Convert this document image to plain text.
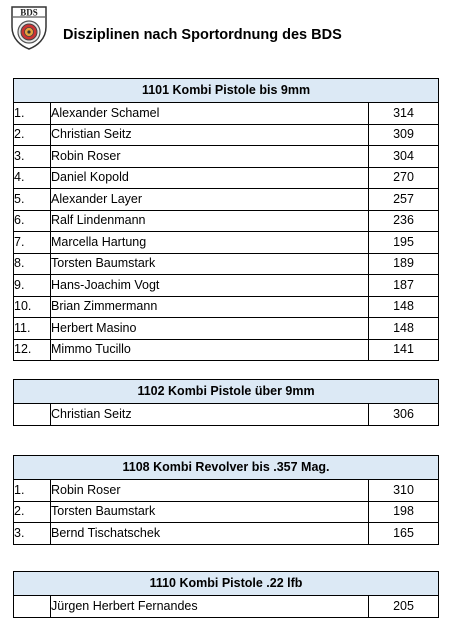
BDS
Disziplinen nach Sportordnung des BDS
1101 Kombi Pistole bis 9mm		
1.	Alexander Schamel	314
2.	Christian Seitz	309
3.	Robin Roser	304
4.	Daniel Kopold	270
5.	Alexander Layer	257
6.	Ralf Lindenmann	236
7.	Marcella Hartung	195
8.	Torsten Baumstark	189
9.	Hans-Joachim Vogt	187
10.	Brian Zimmermann	148
11.	Herbert Masino	148
12.	Mimmo Tucillo	141
1102 Kombi Pistole über 9mm
	Christian Seitz	306
1108 Kombi Revolver bis .357 Mag.		
1.	Robin Roser	310
2.	Torsten Baumstark	198
3.	Bernd Tischatschek	165
1110 Kombi Pistole .22 lfb
	Jürgen Herbert Fernandes	205
